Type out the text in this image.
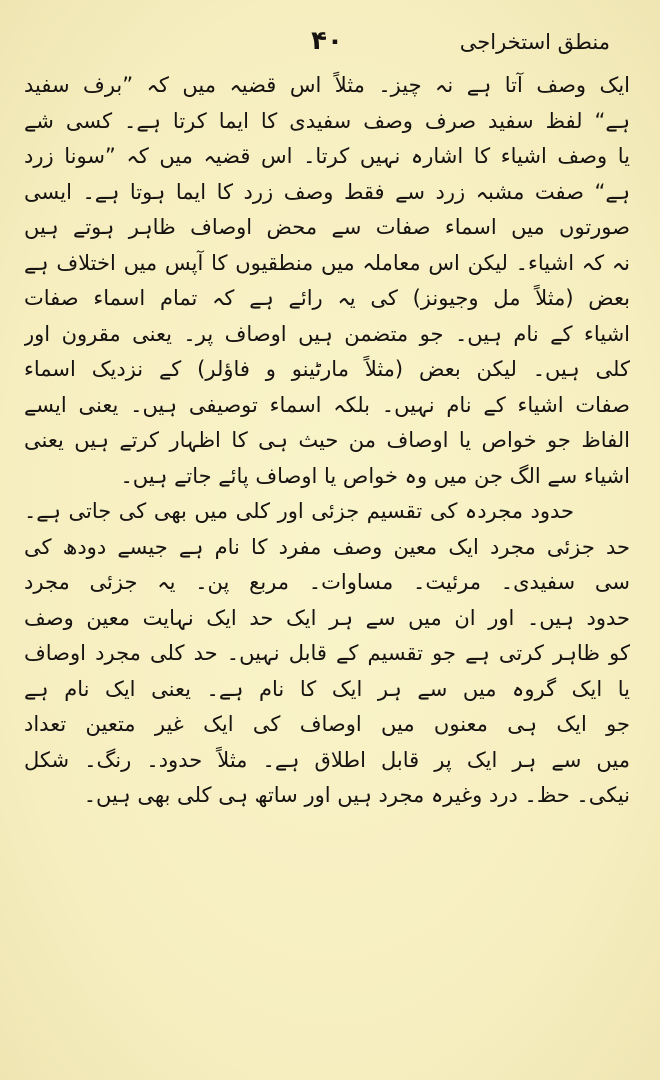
۴۰	منطق استخراجی
ایک وصف آتا ہے نہ چیز۔ مثلاً اس قضیہ میں کہ ”برف سفید
ہے“ لفظ سفید صرف وصف سفیدی کا ایما کرتا ہے۔ کسی شے
یا وصف اشیاء کا اشارہ نہیں کرتا۔ اس قضیہ میں کہ ”سونا زرد
ہے“ صفت مشبہ زرد سے فقط وصف زرد کا ایما ہوتا ہے۔ ایسی
صورتوں میں اسماء صفات سے محض اوصاف ظاہر ہوتے ہیں
نہ کہ اشیاء۔ لیکن اس معاملہ میں منطقیوں کا آپس میں اختلاف ہے
بعض (مثلاً مل وجیونز) کی یہ رائے ہے کہ تمام اسماء صفات
اشیاء کے نام ہیں۔ جو متضمن ہیں اوصاف پر۔ یعنی مقرون اور
کلی ہیں۔ لیکن بعض (مثلاً مارٹینو و فاؤلر) کے نزدیک اسماء
صفات اشیاء کے نام نہیں۔ بلکہ اسماء توصیفی ہیں۔ یعنی ایسے
الفاظ جو خواص یا اوصاف من حیث ہی کا اظہار کرتے ہیں یعنی
اشیاء سے الگ جن میں وہ خواص یا اوصاف پائے جاتے ہیں۔
حدود مجردہ کی تقسیم جزئی اور کلی میں بھی کی جاتی ہے۔
حد جزئی مجرد ایک معین وصف مفرد کا نام ہے جیسے دودھ کی
سی سفیدی۔ مرئیت۔ مساوات۔ مربع پن۔ یہ جزئی مجرد
حدود ہیں۔ اور ان میں سے ہر ایک حد ایک نہایت معین وصف
کو ظاہر کرتی ہے جو تقسیم کے قابل نہیں۔ حد کلی مجرد اوصاف
یا ایک گروہ میں سے ہر ایک کا نام ہے۔ یعنی ایک نام ہے
جو ایک ہی معنوں میں اوصاف کی ایک غیر متعین تعداد
میں سے ہر ایک پر قابل اطلاق ہے۔ مثلاً حدود۔ رنگ۔ شکل
نیکی۔ حظ۔ درد وغیرہ مجرد ہیں اور ساتھ ہی کلی بھی ہیں۔
